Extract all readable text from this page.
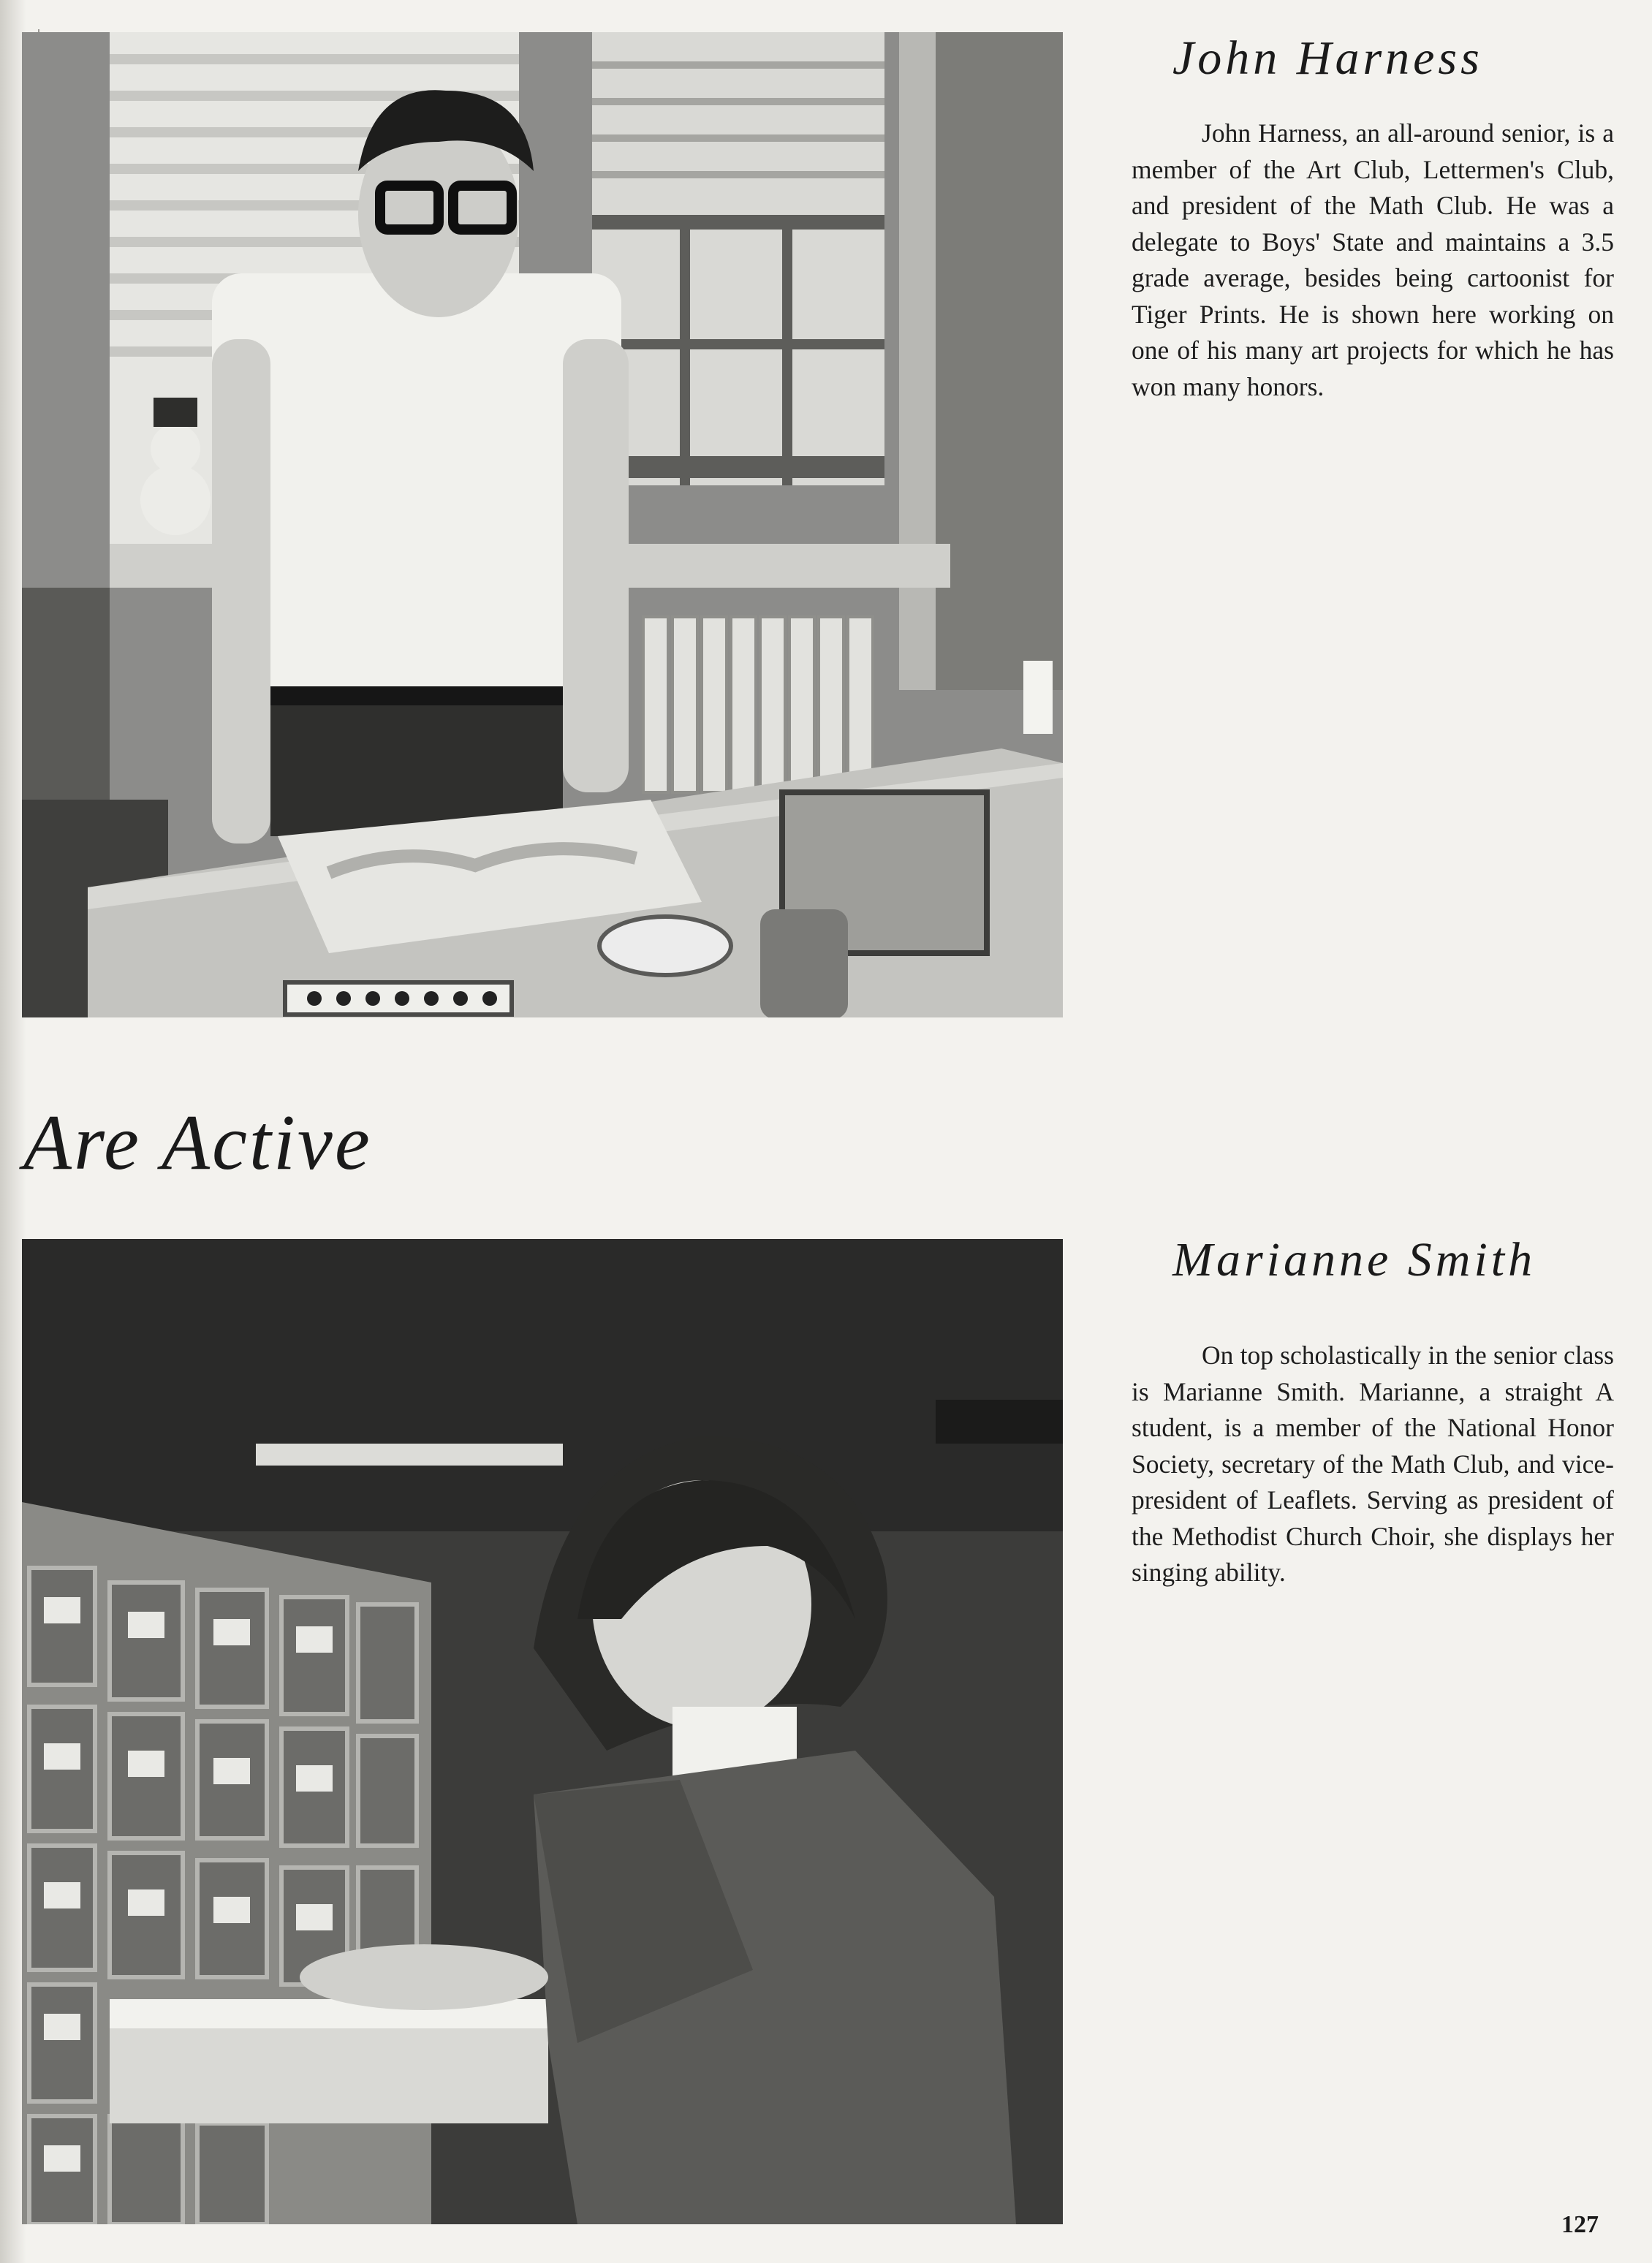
John Harness

John Harness, an all-around senior, is a member of the Art Club, Lettermen's Club, and president of the Math Club. He was a delegate to Boys' State and maintains a 3.5 grade average, besides being cartoonist for Tiger Prints. He is shown here working on one of his many art projects for which he has won many honors.

Are Active
Marianne Smith

On top scholastically in the senior class is Marianne Smith. Marianne, a straight A student, is a member of the National Honor Society, secretary of the Math Club, and vice-president of Leaflets. Serving as president of the Methodist Church Choir, she displays her singing ability.

127
